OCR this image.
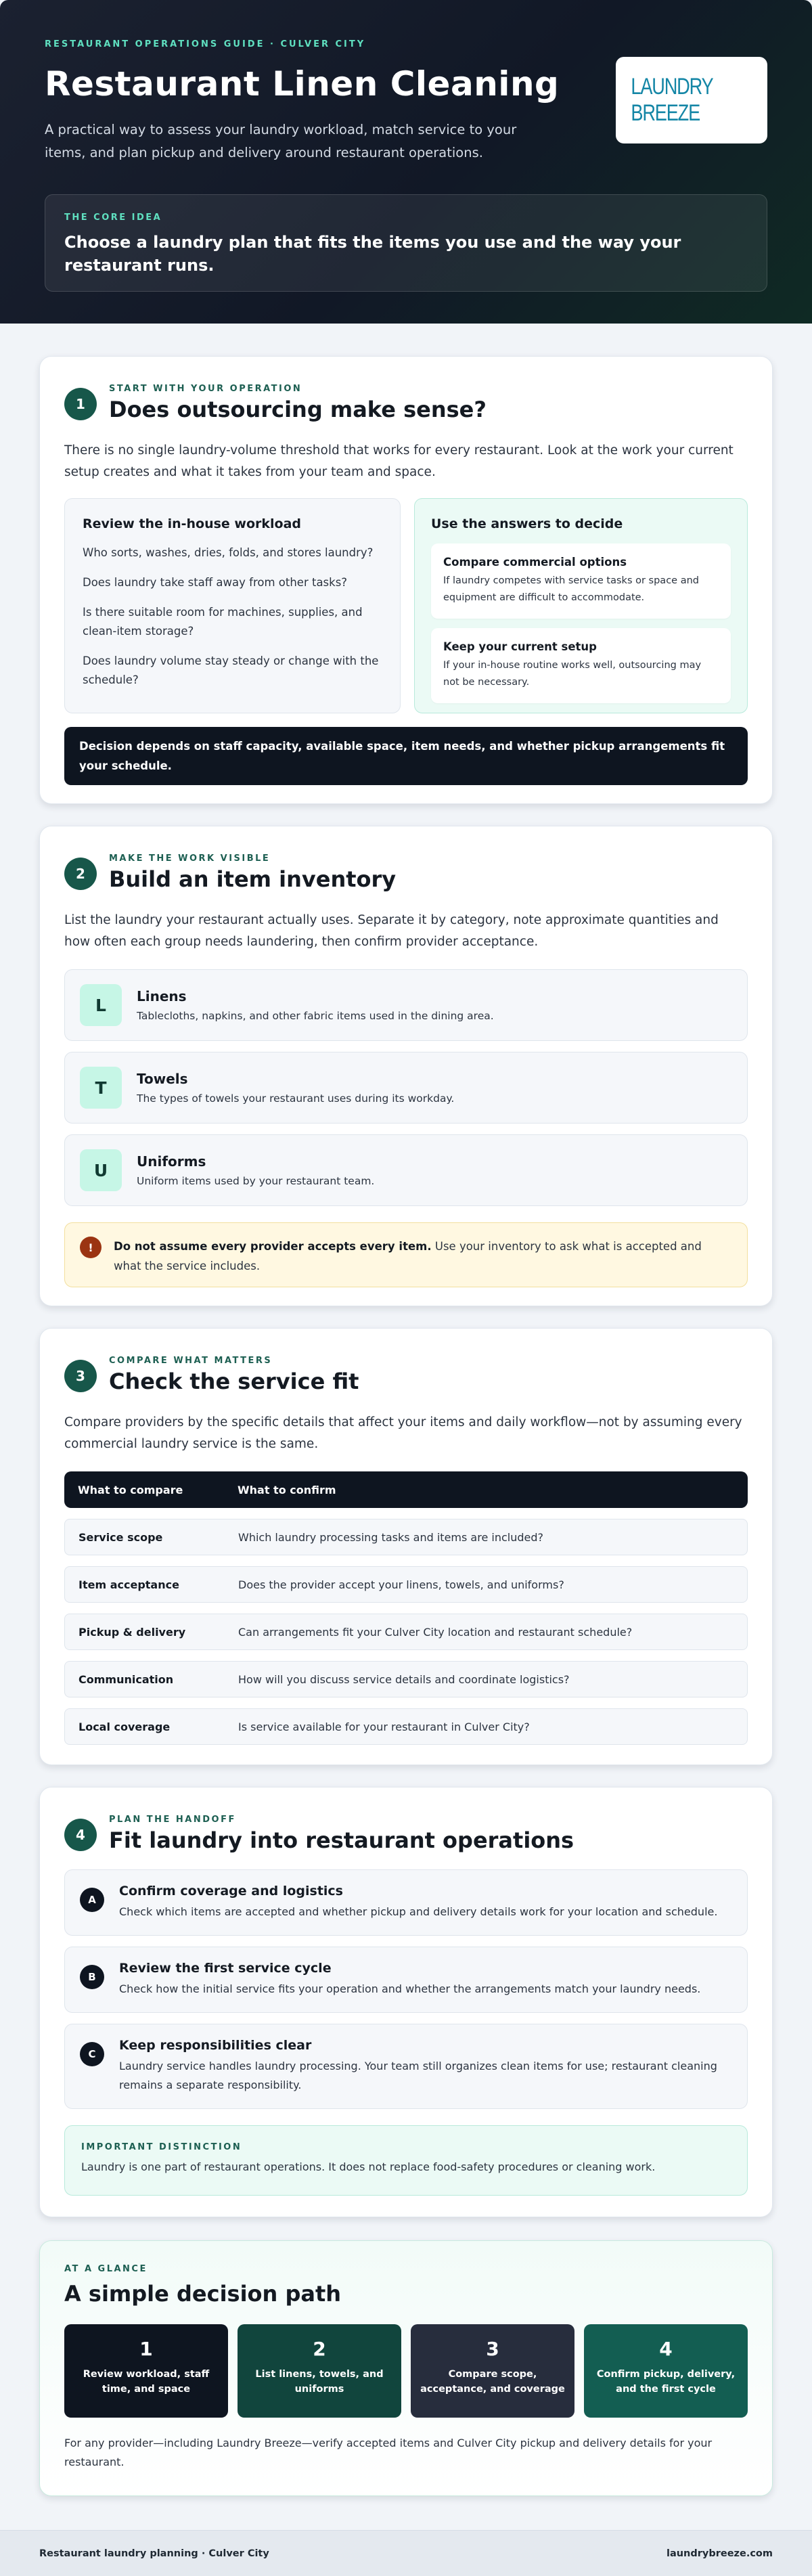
RESTAURANT OPERATIONS GUIDE · CULVER CITY
Restaurant Linen Cleaning

A practical way to assess your laundry workload, match service to your items, and plan pickup and delivery around restaurant operations.

LAUNDRY BREEZE
THE CORE IDEA
Choose a laundry plan that fits the items you use and the way your restaurant runs.
1
START WITH YOUR OPERATION
Does outsourcing make sense?

There is no single laundry-volume threshold that works for every restaurant. Look at the work your current setup creates and what it takes from your team and space.

Review the in-house workload

Who sorts, washes, dries, folds, and stores laundry?

Does laundry take staff away from other tasks?

Is there suitable room for machines, supplies, and clean-item storage?

Does laundry volume stay steady or change with the schedule?

Use the answers to decide
Compare commercial options
If laundry competes with service tasks or space and equipment are difficult to accommodate.
Keep your current setup
If your in-house routine works well, outsourcing may not be necessary.
Decision depends on staff capacity, available space, item needs, and whether pickup arrangements fit your schedule.
2
MAKE THE WORK VISIBLE
Build an item inventory

List the laundry your restaurant actually uses. Separate it by category, note approximate quantities and how often each group needs laundering, then confirm provider acceptance.

L	Linens
Tablecloths, napkins, and other fabric items used in the dining area.
T	Towels
The types of towels your restaurant uses during its workday.
U	Uniforms
Uniform items used by your restaurant team.
!	Do not assume every provider accepts every item. Use your inventory to ask what is accepted and what the service includes.

3
COMPARE WHAT MATTERS
Check the service fit

Compare providers by the specific details that affect your items and daily workflow—not by assuming every commercial laundry service is the same.

What to compare	What to confirm
Service scope	Which laundry processing tasks and items are included?
Item acceptance	Does the provider accept your linens, towels, and uniforms?
Pickup & delivery	Can arrangements fit your Culver City location and restaurant schedule?
Communication	How will you discuss service details and coordinate logistics?
Local coverage	Is service available for your restaurant in Culver City?
4
PLAN THE HANDOFF
Fit laundry into restaurant operations
A
Confirm coverage and logistics
Check which items are accepted and whether pickup and delivery details work for your location and schedule.
B
Review the first service cycle
Check how the initial service fits your operation and whether the arrangements match your laundry needs.
C
Keep responsibilities clear
Laundry service handles laundry processing. Your team still organizes clean items for use; restaurant cleaning remains a separate responsibility.
IMPORTANT DISTINCTION
Laundry is one part of restaurant operations. It does not replace food-safety procedures or cleaning work.
AT A GLANCE
A simple decision path
1
Review workload, staff time, and space
2
List linens, towels, and uniforms
3
Compare scope, acceptance, and coverage
4
Confirm pickup, delivery, and the first cycle

For any provider—including Laundry Breeze—verify accepted items and Culver City pickup and delivery details for your restaurant.

Restaurant laundry planning · Culver City	laundrybreeze.com
